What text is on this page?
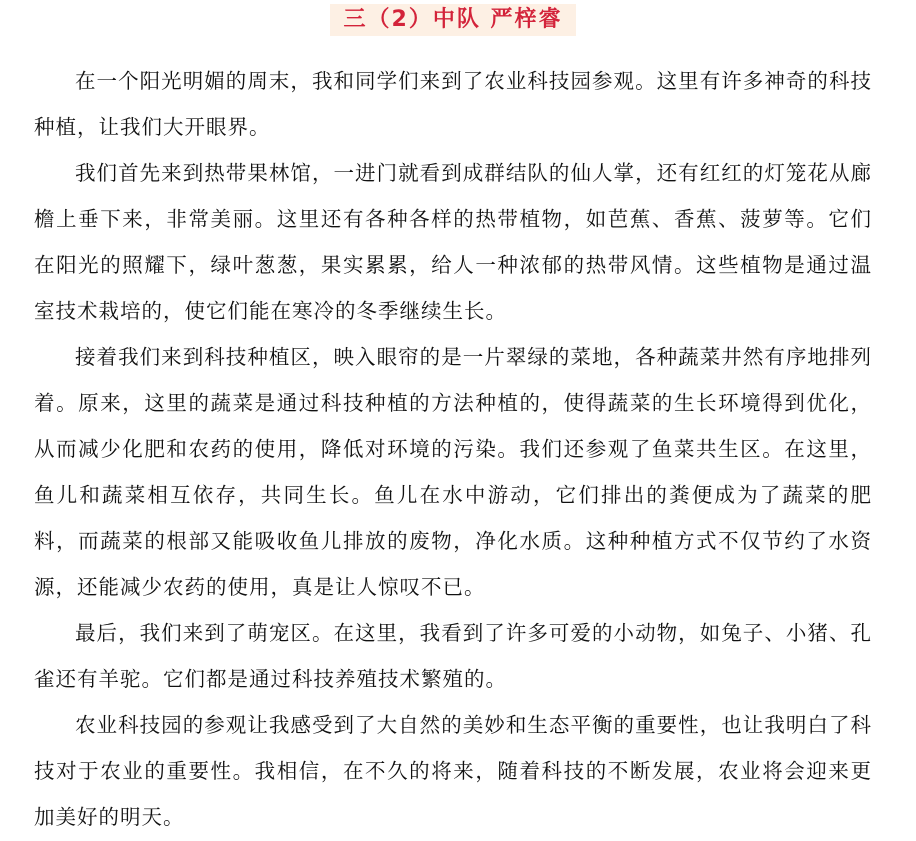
三（2）中队 严梓睿

在一个阳光明媚的周末，我和同学们来到了农业科技园参观。这里有许多神奇的科技种植，让我们大开眼界。

我们首先来到热带果林馆，一进门就看到成群结队的仙人掌，还有红红的灯笼花从廊檐上垂下来，非常美丽。这里还有各种各样的热带植物，如芭蕉、香蕉、菠萝等。它们在阳光的照耀下，绿叶葱葱，果实累累，给人一种浓郁的热带风情。这些植物是通过温室技术栽培的，使它们能在寒冷的冬季继续生长。

接着我们来到科技种植区，映入眼帘的是一片翠绿的菜地，各种蔬菜井然有序地排列着。原来，这里的蔬菜是通过科技种植的方法种植的，使得蔬菜的生长环境得到优化，从而减少化肥和农药的使用，降低对环境的污染。我们还参观了鱼菜共生区。在这里，鱼儿和蔬菜相互依存，共同生长。鱼儿在水中游动，它们排出的粪便成为了蔬菜的肥料，而蔬菜的根部又能吸收鱼儿排放的废物，净化水质。这种种植方式不仅节约了水资源，还能减少农药的使用，真是让人惊叹不已。

最后，我们来到了萌宠区。在这里，我看到了许多可爱的小动物，如兔子、小猪、孔雀还有羊驼。它们都是通过科技养殖技术繁殖的。

农业科技园的参观让我感受到了大自然的美妙和生态平衡的重要性，也让我明白了科技对于农业的重要性。我相信，在不久的将来，随着科技的不断发展，农业将会迎来更加美好的明天。
